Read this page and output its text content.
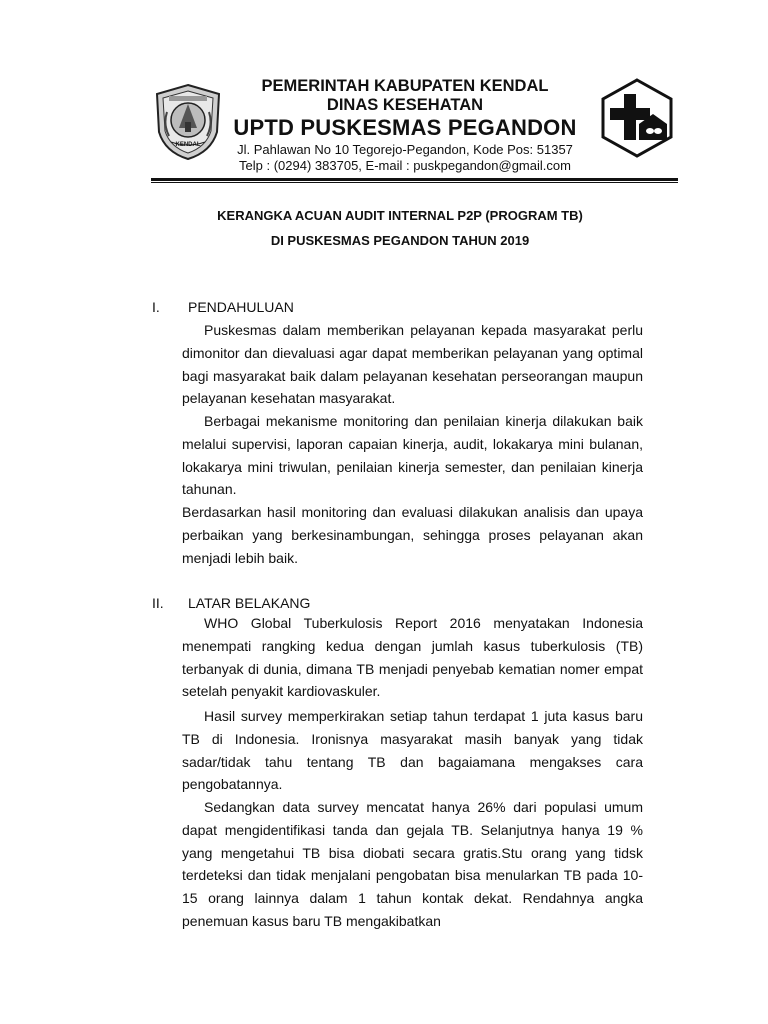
KENDAL
PEMERINTAH KABUPATEN KENDAL
DINAS KESEHATAN
UPTD PUSKESMAS PEGANDON
Jl. Pahlawan No 10 Tegorejo-Pegandon, Kode Pos: 51357
Telp : (0294) 383705, E-mail : puskpegandon@gmail.com
KERANGKA ACUAN AUDIT INTERNAL P2P (PROGRAM TB)
DI PUSKESMAS PEGANDON TAHUN 2019
I. PENDAHULUAN
Puskesmas dalam memberikan pelayanan kepada masyarakat perlu dimonitor dan dievaluasi agar dapat memberikan pelayanan yang optimal bagi masyarakat baik dalam pelayanan kesehatan perseorangan maupun pelayanan kesehatan masyarakat.
Berbagai mekanisme monitoring dan penilaian kinerja dilakukan baik melalui supervisi, laporan capaian kinerja, audit, lokakarya mini bulanan, lokakarya mini triwulan, penilaian kinerja semester, dan penilaian kinerja tahunan.
Berdasarkan hasil monitoring dan evaluasi dilakukan analisis dan upaya perbaikan yang berkesinambungan, sehingga proses pelayanan akan menjadi lebih baik.
II. LATAR BELAKANG
WHO Global Tuberkulosis Report 2016 menyatakan Indonesia menempati rangking kedua dengan jumlah kasus tuberkulosis (TB) terbanyak di dunia, dimana TB menjadi penyebab kematian nomer empat setelah penyakit kardiovaskuler.
Hasil survey memperkirakan setiap tahun terdapat 1 juta kasus baru TB di Indonesia. Ironisnya masyarakat masih banyak yang tidak sadar/tidak tahu tentang TB dan bagaiamana mengakses cara pengobatannya.
Sedangkan data survey mencatat hanya 26% dari populasi umum dapat mengidentifikasi tanda dan gejala TB. Selanjutnya hanya 19 % yang mengetahui TB bisa diobati secara gratis.Stu orang yang tidsk terdeteksi dan tidak menjalani pengobatan bisa menularkan TB pada 10-15 orang lainnya dalam 1 tahun kontak dekat. Rendahnya angka penemuan kasus baru TB mengakibatkan
